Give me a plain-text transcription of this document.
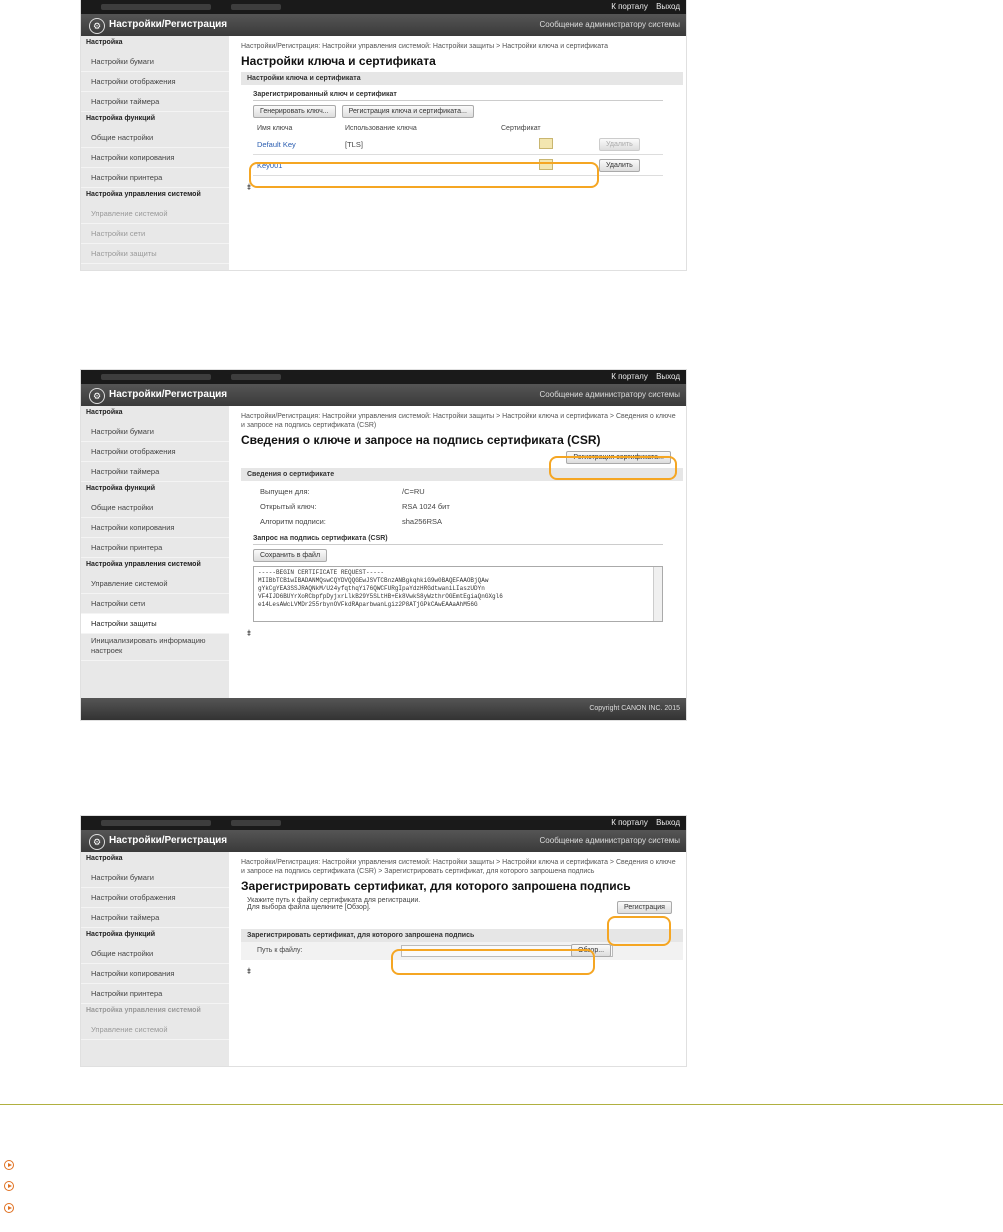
К порталу Выход
⚙ Настройки/Регистрация	Сообщение администратору системы
Настройка
Настройки бумаги
Настройки отображения
Настройки таймера
Настройка функций
Общие настройки
Настройки копирования
Настройки принтера
Настройка управления системой
Управление системой
Настройки сети
Настройки защиты
Настройки/Регистрация: Настройки управления системой: Настройки защиты > Настройки ключа и сертификата
Настройки ключа и сертификата
Настройки ключа и сертификата
Зарегистрированный ключ и сертификат
Генерировать ключ...	Регистрация ключа и сертификата...
Имя ключа	Использование ключа	Сертификат	
Default Key	[TLS]		Удалить
Key001			Удалить
⯒
К порталу Выход
⚙ Настройки/Регистрация	Сообщение администратору системы
Настройка
Настройки бумаги
Настройки отображения
Настройки таймера
Настройка функций
Общие настройки
Настройки копирования
Настройки принтера
Настройка управления системой
Управление системой
Настройки сети
Настройки защиты
Инициализировать информацию настроек
Настройки/Регистрация: Настройки управления системой: Настройки защиты > Настройки ключа и сертификата > Сведения о ключе и запросе на подпись сертификата (CSR)
Сведения о ключе и запросе на подпись сертификата (CSR)
Регистрация сертификата...
Сведения о сертификате
Выпущен для:	/C=RU
Открытый ключ:	RSA 1024 бит
Алгоритм подписи:	sha256RSA
Запрос на подпись сертификата (CSR)
Сохранить в файл
-----BEGIN CERTIFICATE REQUEST-----
MIIBbTCB1wIBADANMQswCQYDVQQGEwJSVTCBnzANBgkqhkiG9w0BAQEFAAOBjQAw
gYkCgYEA3SSJRAQNkM/U24yfqthqYi76QWCFURgIpaYdzHRGdtwaniLIaszUDYn
VF4IJD6BUYrXoRCbpfpDyjxrLlkB29Y5SLtHB+Ek8VwkS8yWzthrOGEmtEgiaQnGXgl6
e14LesAWcLVMDr255rbynOVFkdRAparbwanLgiz2P8ATjGPkCAwEAAaAhM56G
⯒
Copyright CANON INC. 2015
К порталу Выход
⚙ Настройки/Регистрация	Сообщение администратору системы
Настройка
Настройки бумаги
Настройки отображения
Настройки таймера
Настройка функций
Общие настройки
Настройки копирования
Настройки принтера
Настройка управления системой
Управление системой
Настройки/Регистрация: Настройки управления системой: Настройки защиты > Настройки ключа и сертификата > Сведения о ключе и запросе на подпись сертификата (CSR) > Зарегистрировать сертификат, для которого запрошена подпись
Зарегистрировать сертификат, для которого запрошена подпись
Укажите путь к файлу сертификата для регистрации.
Для выбора файла щелкните [Обзор].	Регистрация
Зарегистрировать сертификат, для которого запрошена подпись
Путь к файлу:	Обзор...
⯒
